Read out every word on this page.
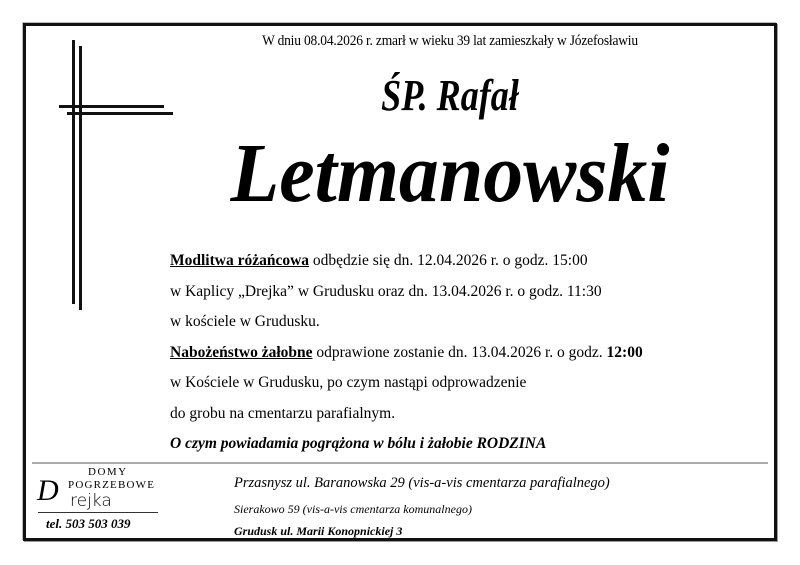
W dniu 08.04.2026 r. zmarł w wieku 39 lat zamieszkały w Józefosławiu
ŚP. Rafał
Letmanowski

Modlitwa różańcowa odbędzie się dn. 12.04.2026 r. o godz. 15:00

w Kaplicy „Drejka” w Grudusku oraz dn. 13.04.2026 r. o godz. 11:30

w kościele w Grudusku.

Nabożeństwo żałobne odprawione zostanie dn. 13.04.2026 r. o godz. 12:00

w Kościele w Grudusku, po czym nastąpi odprowadzenie

do grobu na cmentarzu parafialnym.

O czym powiadamia pogrążona w bólu i żałobie RODZINA

DOMY
POGRZEBOWE
D rejka
tel. 503 503 039
Przasnysz ul. Baranowska 29 (vis-a-vis cmentarza parafialnego)
Sierakowo 59 (vis-a-vis cmentarza komunalnego)
Grudusk ul. Marii Konopnickiej 3
